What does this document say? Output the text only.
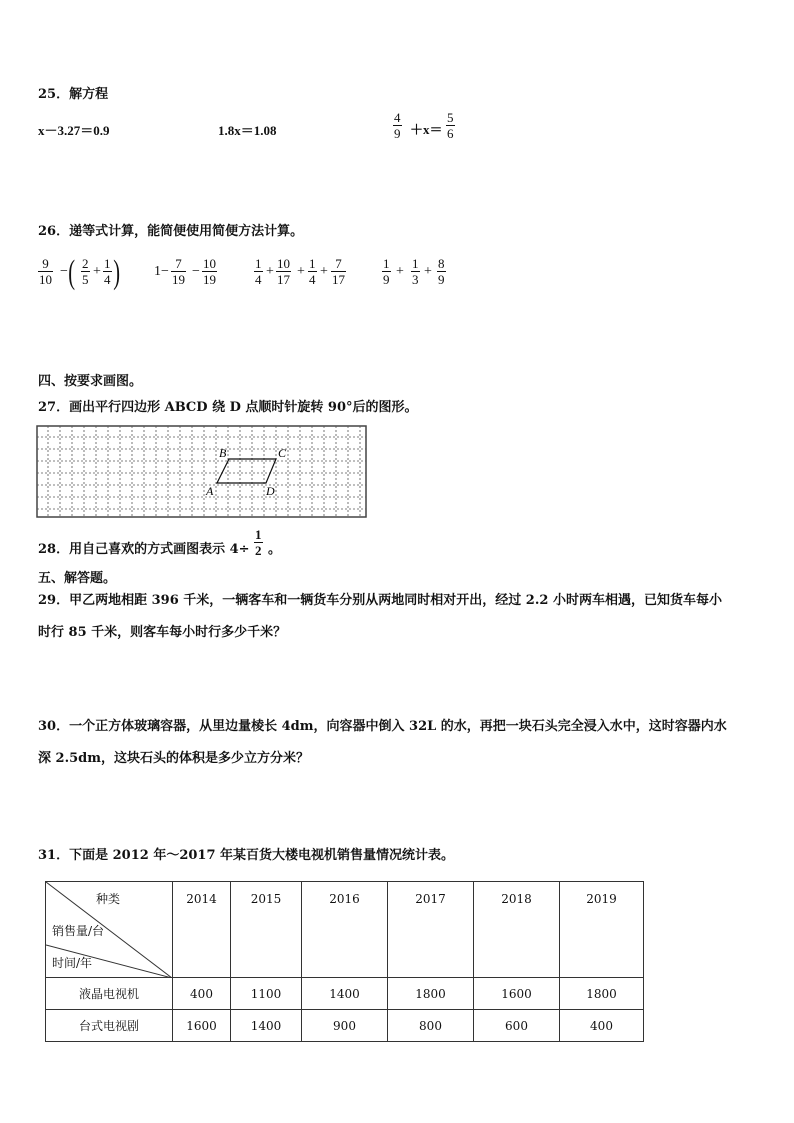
25．解方程
x－3.27＝0.9	1.8x＝1.08
4
9 ＋x＝
5
6
26．递等式计算，能简便使用简便方法计算。
9
10
− ( 2
5
+
1
4 ) 1−
7
19
−
10
19
1
4
+
10
17
+
1
4
+
7
17
1
9
+
1
3
+
8
9
四、按要求画图。
27．画出平行四边形 ABCD 绕 D 点顺时针旋转 90°后的图形。
B	C
A	D
28．用自己喜欢的方式画图表示 4÷
1
2 。
五、解答题。
29．甲乙两地相距 396 千米，一辆客车和一辆货车分别从两地同时相对开出，经过 2.2 小时两车相遇，已知货车每小
时行 85 千米，则客车每小时行多少千米？
30．一个正方体玻璃容器，从里边量棱长 4dm，向容器中倒入 32L 的水，再把一块石头完全浸入水中，这时容器内水
深 2.5dm，这块石头的体积是多少立方分米？
31．下面是 2012 年～2017 年某百货大楼电视机销售量情况统计表。
种类
销售量/台
时间/年	2014	2015	2016	2017	2018	2019
液晶电视机	400	1100	1400	1800	1600	1800
台式电视剧	1600	1400	900	800	600	400
